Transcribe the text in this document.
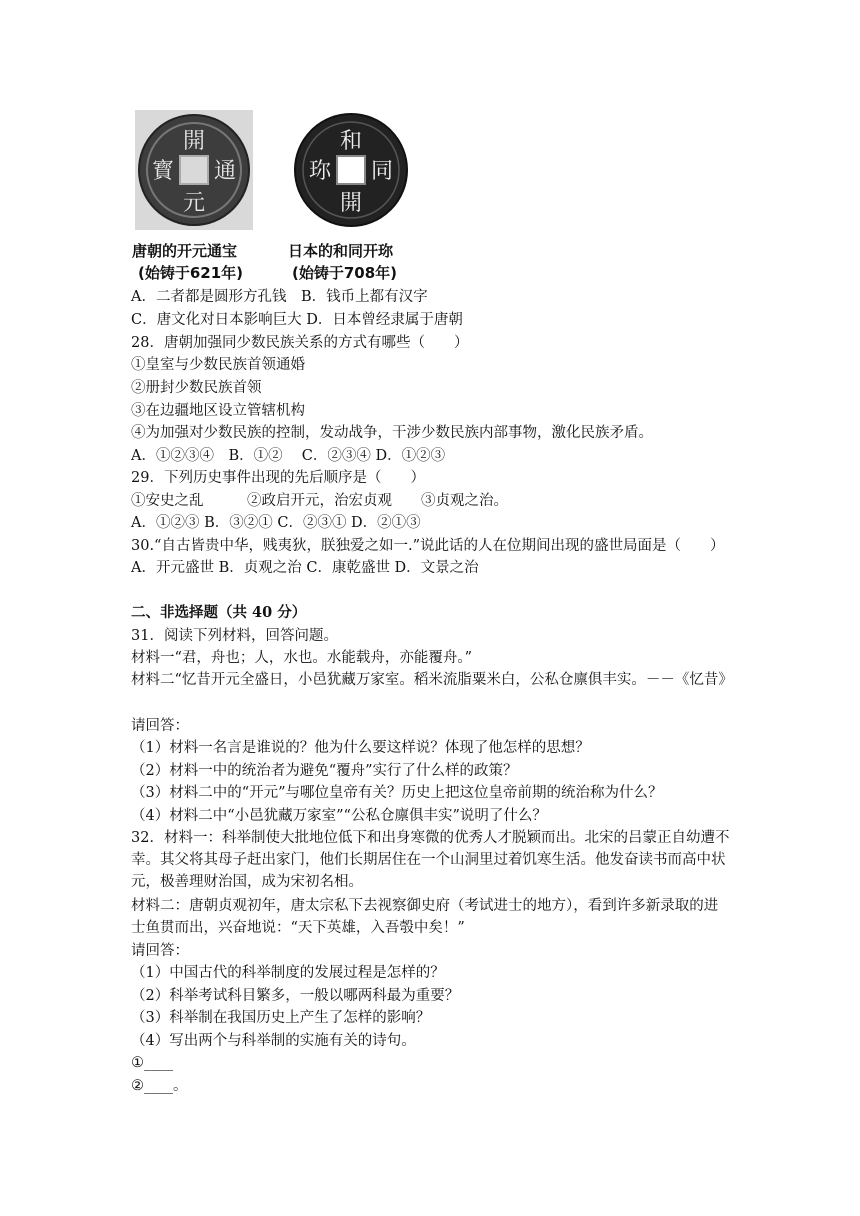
開
元
通
寳
和
開
同
珎
唐朝的开元通宝
(始铸于621年)
日本的和同开珎
(始铸于708年)
A．二者都是圆形方孔钱　B．钱币上都有汉字
C．唐文化对日本影响巨大 D．日本曾经隶属于唐朝
28．唐朝加强同少数民族关系的方式有哪些（　　）
①皇室与少数民族首领通婚
②册封少数民族首领
③在边疆地区设立管辖机构
④为加强对少数民族的控制，发动战争，干涉少数民族内部事物，激化民族矛盾。
A．①②③④　B．①②　 C．②③④ D．①②③
29．下列历史事件出现的先后顺序是（　　）
①安史之乱　　　②政启开元，治宏贞观　　③贞观之治。
A．①②③ B．③②① C．②③① D．②①③
30.“自古皆贵中华，贱夷狄，朕独爱之如一.”说此话的人在位期间出现的盛世局面是（　　）
A．开元盛世 B．贞观之治 C．康乾盛世 D．文景之治
二、非选择题（共 40 分）
31．阅读下列材料，回答问题。
材料一“君，舟也；人，水也。水能载舟，亦能覆舟。”
材料二“忆昔开元全盛日，小邑犹藏万家室。稻米流脂粟米白，公私仓廪俱丰实。－－《忆昔》
请回答：
（1）材料一名言是谁说的？他为什么要这样说？体现了他怎样的思想？
（2）材料一中的统治者为避免“覆舟”实行了什么样的政策？
（3）材料二中的“开元”与哪位皇帝有关？历史上把这位皇帝前期的统治称为什么？
（4）材料二中“小邑犹藏万家室”“公私仓廪俱丰实”说明了什么？
32．材料一：科举制使大批地位低下和出身寒微的优秀人才脱颖而出。北宋的吕蒙正自幼遭不幸。其父将其母子赶出家门，他们长期居住在一个山洞里过着饥寒生活。他发奋读书而高中状元，极善理财治国，成为宋初名相。
材料二：唐朝贞观初年，唐太宗私下去视察御史府（考试进士的地方），看到许多新录取的进士鱼贯而出，兴奋地说：“天下英雄，入吾彀中矣！”
请回答：
（1）中国古代的科举制度的发展过程是怎样的？
（2）科举考试科目繁多，一般以哪两科最为重要？
（3）科举制在我国历史上产生了怎样的影响？
（4）写出两个与科举制的实施有关的诗句。
①____
②____。
